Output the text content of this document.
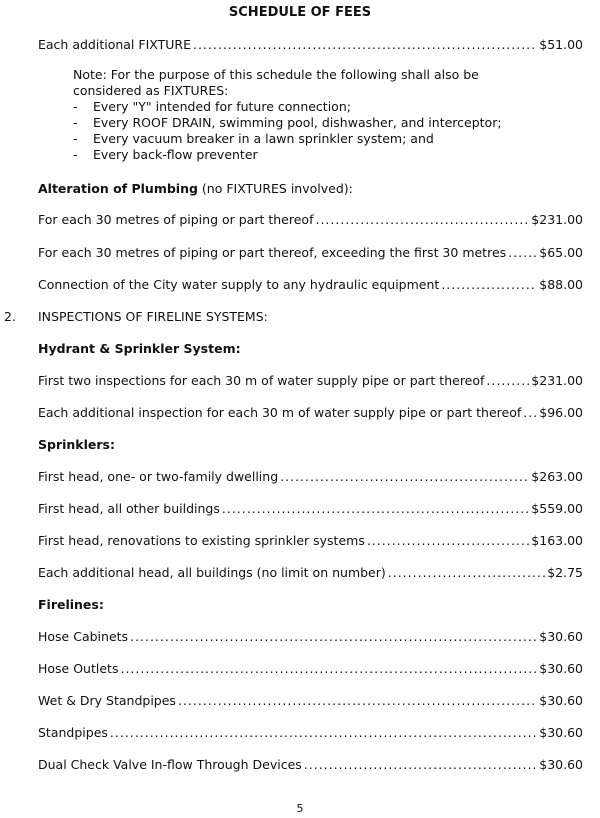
SCHEDULE OF FEES
Each additional FIXTURE .....	$51.00
Note: For the purpose of this schedule the following shall also be
considered as FIXTURES:
- Every "Y" intended for future connection;
- Every ROOF DRAIN, swimming pool, dishwasher, and interceptor;
- Every vacuum breaker in a lawn sprinkler system; and
- Every back-flow preventer
Alteration of Plumbing (no FIXTURES involved):
For each 30 metres of piping or part thereof .....	$231.00
For each 30 metres of piping or part thereof, exceeding the first 30 metres .....	$65.00
Connection of the City water supply to any hydraulic equipment .....	$88.00
2. INSPECTIONS OF FIRELINE SYSTEMS:
Hydrant & Sprinkler System:
First two inspections for each 30 m of water supply pipe or part thereof .....	$231.00
Each additional inspection for each 30 m of water supply pipe or part thereof ..... $96.00
Sprinklers:
First head, one- or two-family dwelling .....	$263.00
First head, all other buildings .....	$559.00
First head, renovations to existing sprinkler systems .....	$163.00
Each additional head, all buildings (no limit on number) .....	$2.75
Firelines:
Hose Cabinets .....	$30.60
Hose Outlets .....	$30.60
Wet & Dry Standpipes .....	$30.60
Standpipes .....	$30.60
Dual Check Valve In-flow Through Devices .....	$30.60
5
